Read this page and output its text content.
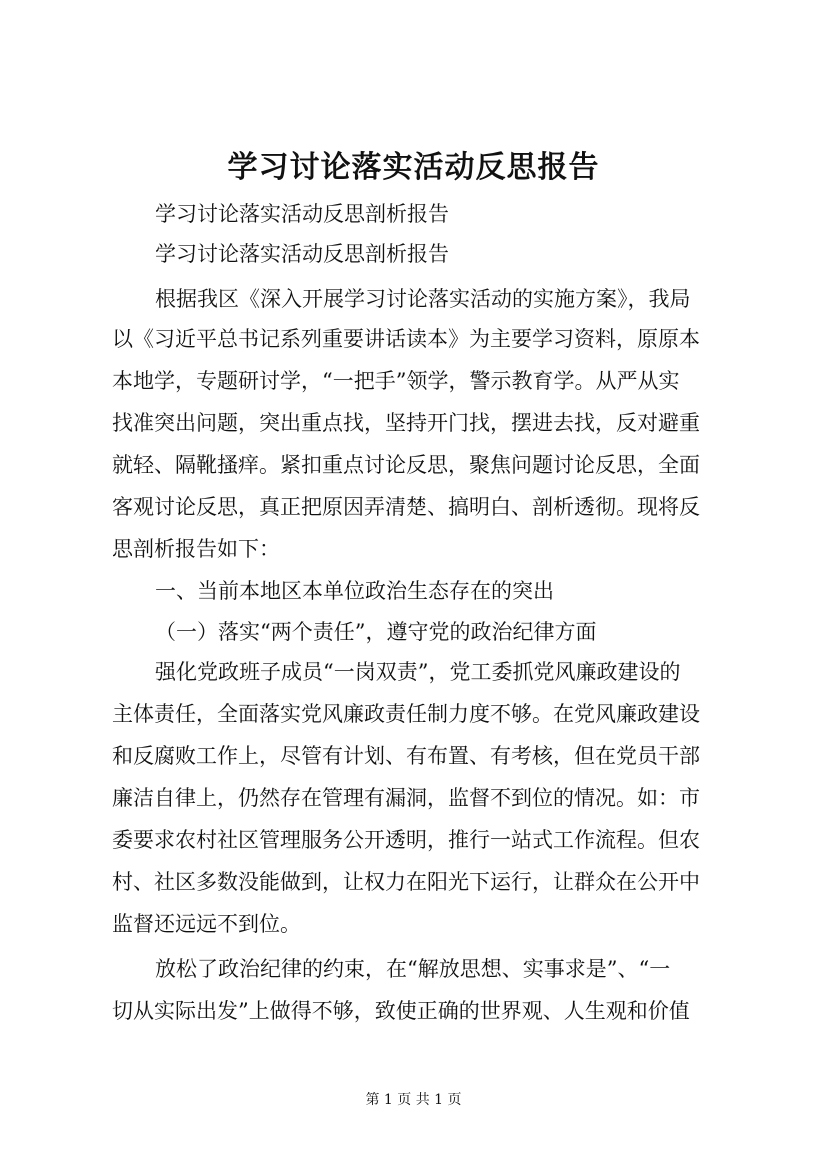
学习讨论落实活动反思报告

学习讨论落实活动反思剖析报告

学习讨论落实活动反思剖析报告

根据我区《深入开展学习讨论落实活动的实施方案》，我局

以《习近平总书记系列重要讲话读本》为主要学习资料，原原本

本地学，专题研讨学，“一把手”领学，警示教育学。从严从实

找准突出问题，突出重点找，坚持开门找，摆进去找，反对避重

就轻、隔靴搔痒。紧扣重点讨论反思，聚焦问题讨论反思，全面

客观讨论反思，真正把原因弄清楚、搞明白、剖析透彻。现将反

思剖析报告如下：

一、当前本地区本单位政治生态存在的突出

（一）落实“两个责任”，遵守党的政治纪律方面

强化党政班子成员“一岗双责”，党工委抓党风廉政建设的

主体责任，全面落实党风廉政责任制力度不够。在党风廉政建设

和反腐败工作上，尽管有计划、有布置、有考核，但在党员干部

廉洁自律上，仍然存在管理有漏洞，监督不到位的情况。如：市

委要求农村社区管理服务公开透明，推行一站式工作流程。但农

村、社区多数没能做到，让权力在阳光下运行，让群众在公开中

监督还远远不到位。

放松了政治纪律的约束，在“解放思想、实事求是”、“一

切从实际出发”上做得不够，致使正确的世界观、人生观和价值

第 1 页 共 1 页
